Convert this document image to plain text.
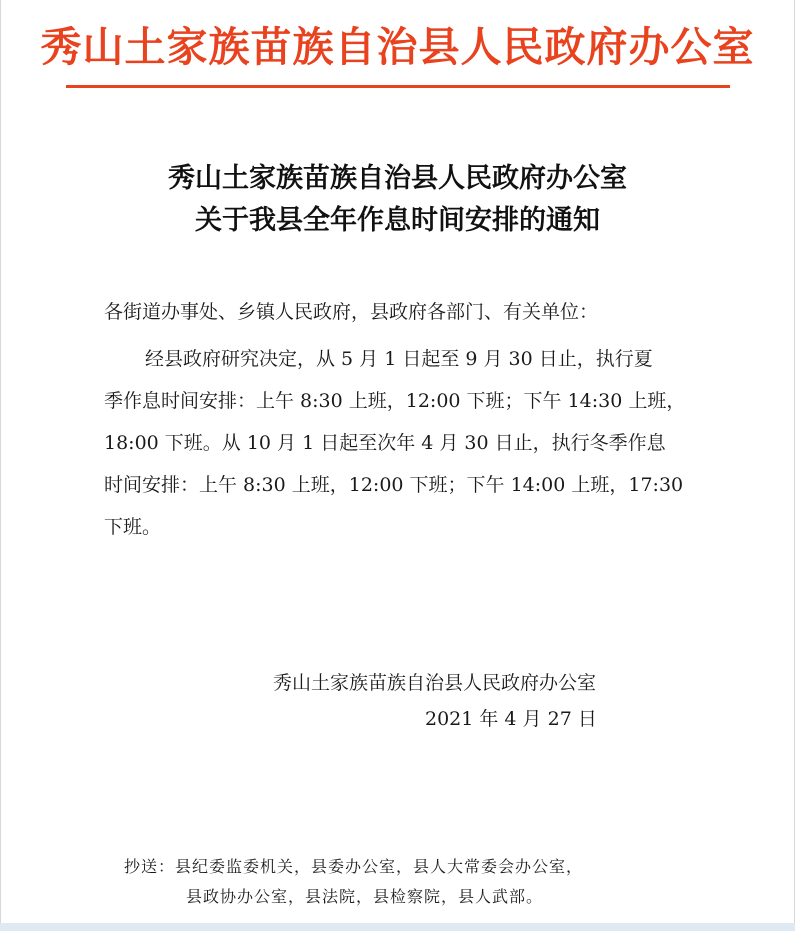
秀山土家族苗族自治县人民政府办公室
秀山土家族苗族自治县人民政府办公室
关于我县全年作息时间安排的通知
各街道办事处、乡镇人民政府，县政府各部门、有关单位：
经县政府研究决定，从 5 月 1 日起至 9 月 30 日止，执行夏
季作息时间安排：上午 8:30 上班，12:00 下班；下午 14:30 上班，
18:00 下班。从 10 月 1 日起至次年 4 月 30 日止，执行冬季作息
时间安排：上午 8:30 上班，12:00 下班；下午 14:00 上班，17:30
下班。
秀山土家族苗族自治县人民政府办公室
2021 年 4 月 27 日
抄送：县纪委监委机关，县委办公室，县人大常委会办公室，
县政协办公室，县法院，县检察院，县人武部。
